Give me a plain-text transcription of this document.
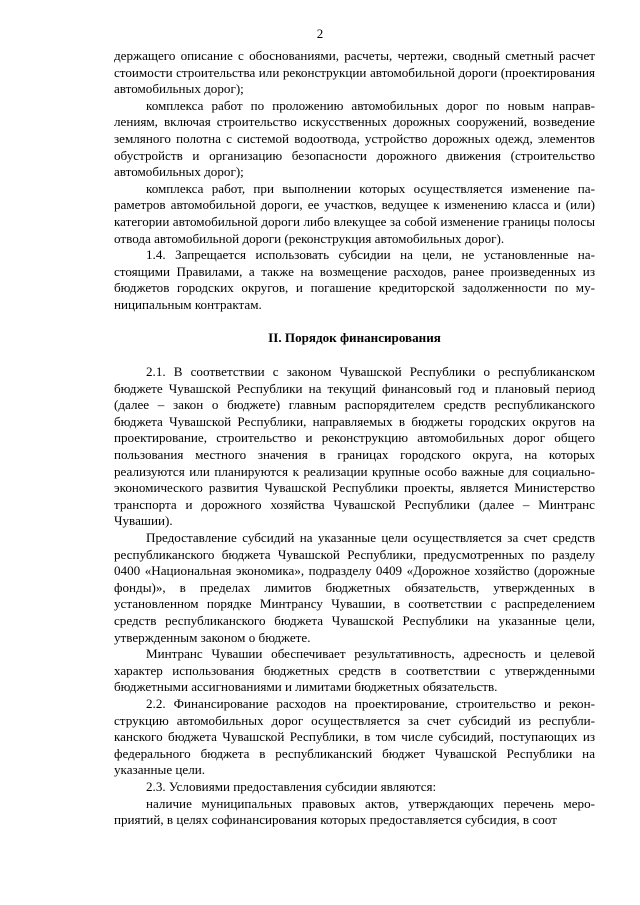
2

держащего описание с обоснованиями, расчеты, чертежи, сводный сметный расчет стоимости строительства или реконструкции автомобильной дороги (проектирования автомобильных дорог);

комплекса работ по проложению автомобильных дорог по новым направлениям, включая строительство искусственных дорожных сооружений, возведение земляного полотна с системой водоотвода, устройство дорожных одежд, элементов обустройств и организацию безопасности дорожного движения (строительство автомобильных дорог);

комплекса работ, при выполнении которых осуществляется изменение параметров автомобильной дороги, ее участков, ведущее к изменению класса и (или) категории автомобильной дороги либо влекущее за собой изменение границы полосы отвода автомобильной дороги (реконструкция автомобильных дорог).

1.4. Запрещается использовать субсидии на цели, не установленные настоящими Правилами, а также на возмещение расходов, ранее произведенных из бюджетов городских округов, и погашение кредиторской задолженности по муниципальным контрактам.

II. Порядок финансирования

2.1. В соответствии с законом Чувашской Республики о республиканском бюджете Чувашской Республики на текущий финансовый год и плановый период (далее – закон о бюджете) главным распорядителем средств республиканского бюджета Чувашской Республики, направляемых в бюджеты городских округов на проектирование, строительство и реконструкцию автомобильных дорог общего пользования местного значения в границах городского округа, на которых реализуются или планируются к реализации крупные особо важные для социально-экономического развития Чувашской Республики проекты, является Министерство транспорта и дорожного хозяйства Чувашской Республики (далее – Минтранс Чувашии).

Предоставление субсидий на указанные цели осуществляется за счет средств республиканского бюджета Чувашской Республики, предусмотренных по разделу 0400 «Национальная экономика», подразделу 0409 «Дорожное хозяйство (дорожные фонды)», в пределах лимитов бюджетных обязательств, утвержденных в установленном порядке Минтрансу Чувашии, в соответствии с распределением средств республиканского бюджета Чувашской Республики на указанные цели, утвержденным законом о бюджете.

Минтранс Чувашии обеспечивает результативность, адресность и целевой характер использования бюджетных средств в соответствии с утвержденными бюджетными ассигнованиями и лимитами бюджетных обязательств.

2.2. Финансирование расходов на проектирование, строительство и реконструкцию автомобильных дорог осуществляется за счет субсидий из республиканского бюджета Чувашской Республики, в том числе субсидий, поступающих из федерального бюджета в республиканский бюджет Чувашской Республики на указанные цели.

2.3. Условиями предоставления субсидии являются:

наличие муниципальных правовых актов, утверждающих перечень мероприятий, в целях софинансирования которых предоставляется субсидия, в соот
